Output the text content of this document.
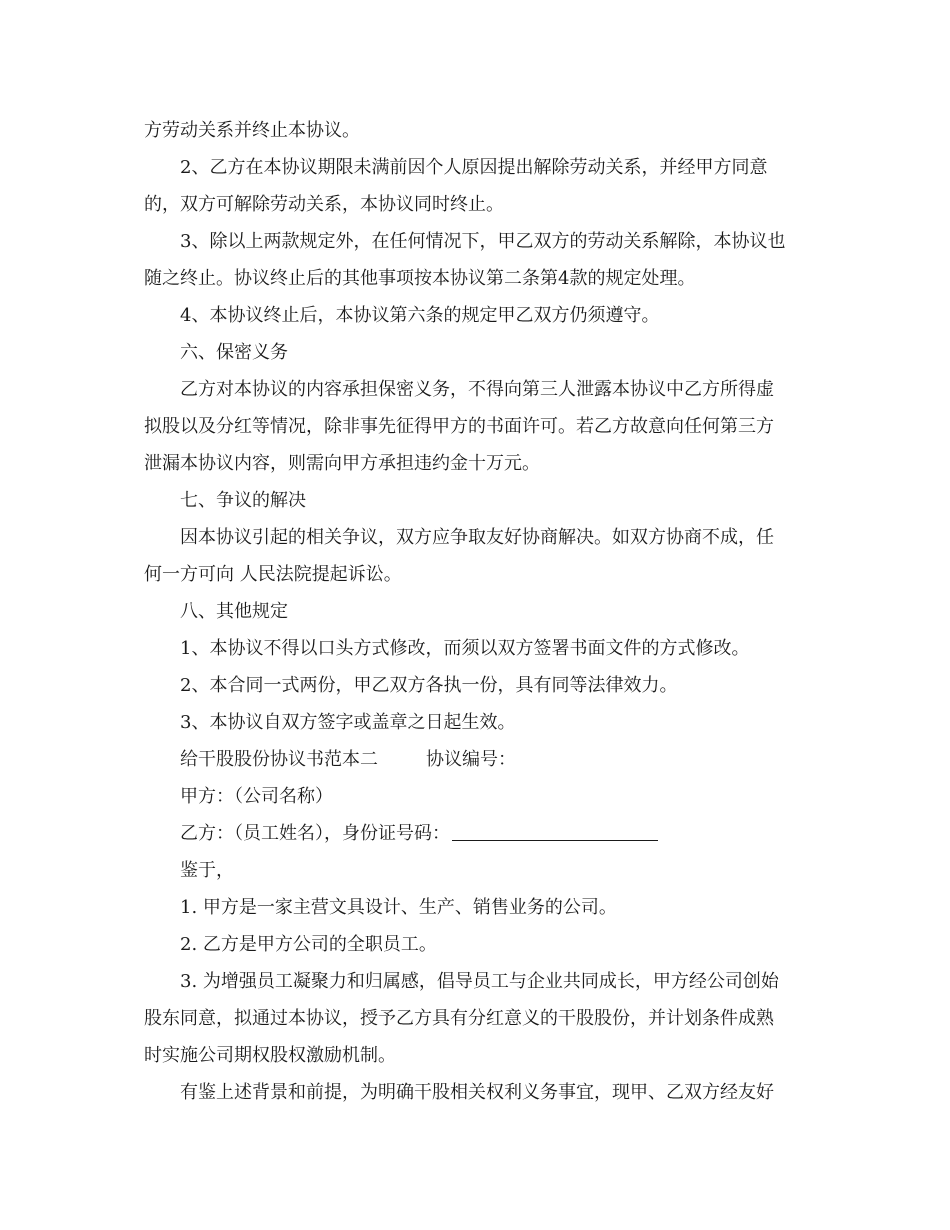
方劳动关系并终止本协议。

2、乙方在本协议期限未满前因个人原因提出解除劳动关系，并经甲方同意

的，双方可解除劳动关系，本协议同时终止。

3、除以上两款规定外，在任何情况下，甲乙双方的劳动关系解除，本协议也

随之终止。协议终止后的其他事项按本协议第二条第4款的规定处理。

4、本协议终止后，本协议第六条的规定甲乙双方仍须遵守。

六、保密义务

乙方对本协议的内容承担保密义务，不得向第三人泄露本协议中乙方所得虚

拟股以及分红等情况，除非事先征得甲方的书面许可。若乙方故意向任何第三方

泄漏本协议内容，则需向甲方承担违约金十万元。

七、争议的解决

因本协议引起的相关争议，双方应争取友好协商解决。如双方协商不成，任

何一方可向 人民法院提起诉讼。

八、其他规定

1、本协议不得以口头方式修改，而须以双方签署书面文件的方式修改。

2、本合同一式两份，甲乙双方各执一份，具有同等法律效力。

3、本协议自双方签字或盖章之日起生效。

给干股股份协议书范本二	协议编号：

甲方：（公司名称）

乙方：（员工姓名），身份证号码：

鉴于，

1. 甲方是一家主营文具设计、生产、销售业务的公司。

2. 乙方是甲方公司的全职员工。

3. 为增强员工凝聚力和归属感，倡导员工与企业共同成长，甲方经公司创始

股东同意，拟通过本协议，授予乙方具有分红意义的干股股份，并计划条件成熟

时实施公司期权股权激励机制。

有鉴上述背景和前提，为明确干股相关权利义务事宜，现甲、乙双方经友好
